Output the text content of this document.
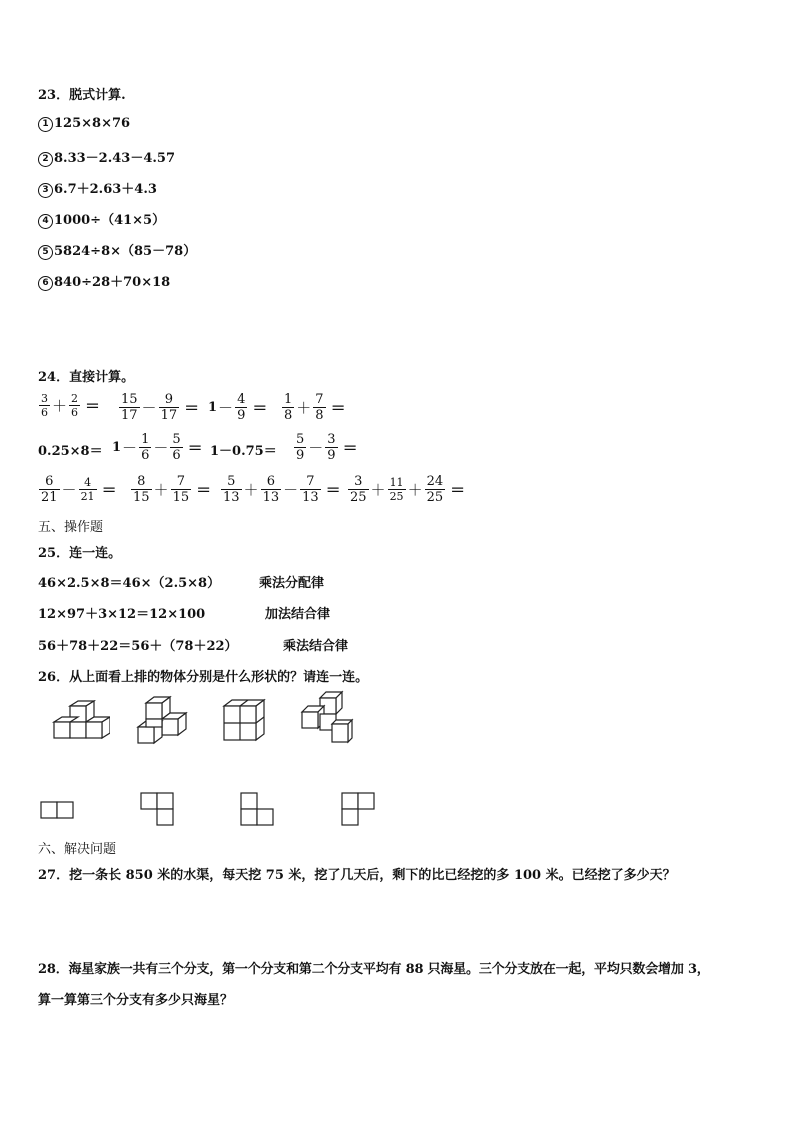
23．脱式计算.
1 125×8×76
2 8.33－2.43－4.57
3 6.7＋2.63＋4.3
4 1000÷（41×5）
5 5824÷8×（85－78）
6 840÷28＋70×18
24．直接计算。
$\frac{3}{6} + \frac{2}{6} = \frac{15}{17} - \frac{9}{17} = 1- \frac{4}{9} = \frac{1}{8} + \frac{7}{8}$ ＝
$0.25\times 8= 1- \frac{1}{6} - \frac{5}{6} = 1-0.75= \frac{5}{9} - \frac{3}{9}$ ＝
$\frac{6}{21} - \frac{4}{21} = \frac{8}{15} + \frac{7}{15} = \frac{5}{13} + \frac{6}{13} - \frac{7}{13} = \frac{3}{25} + \frac{11}{25} + \frac{24}{25}$ ＝
五、操作题
25．连一连。
46×2.5×8＝46×（2.5×8）	乘法分配律
12×97＋3×12＝12×100	加法结合律
56＋78＋22＝56＋（78＋22）	乘法结合律
26．从上面看上排的物体分别是什么形状的？请连一连。
六、解决问题
27．挖一条长 850 米的水渠，每天挖 75 米，挖了几天后，剩下的比已经挖的多 100 米。已经挖了多少天？
28．海星家族一共有三个分支，第一个分支和第二个分支平均有 88 只海星。三个分支放在一起，平均只数会增加 3，
算一算第三个分支有多少只海星？
